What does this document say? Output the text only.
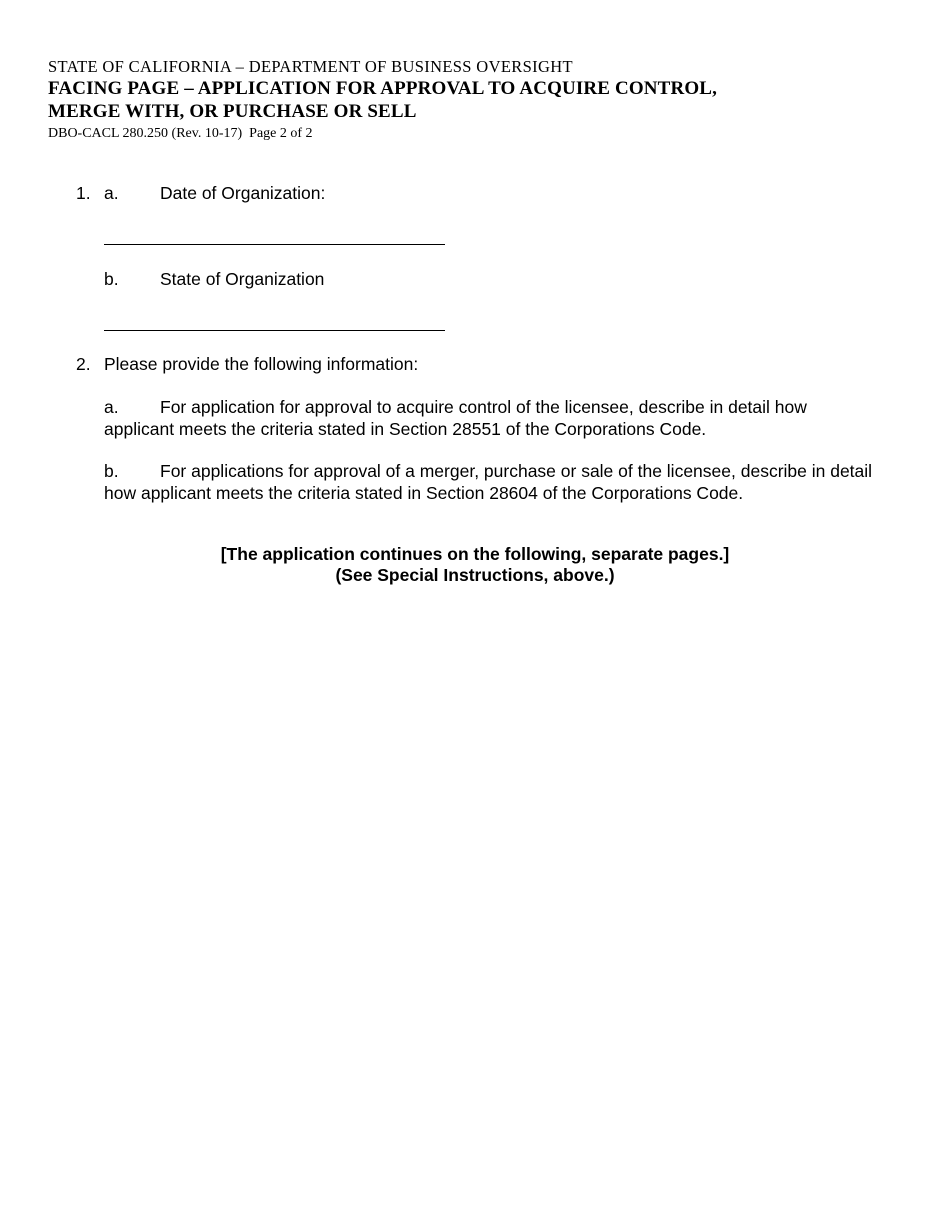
STATE OF CALIFORNIA – DEPARTMENT OF BUSINESS OVERSIGHT
FACING PAGE – APPLICATION FOR APPROVAL TO ACQUIRE CONTROL,
MERGE WITH, OR PURCHASE OR SELL
DBO-CACL 280.250 (Rev. 10-17)  Page 2 of 2
1. a. Date of Organization:
b. State of Organization
2. Please provide the following information:
a. For application for approval to acquire control of the licensee, describe in detail how applicant meets the criteria stated in Section 28551 of the Corporations Code.
b. For applications for approval of a merger, purchase or sale of the licensee, describe in detail how applicant meets the criteria stated in Section 28604 of the Corporations Code.
[The application continues on the following, separate pages.]
(See Special Instructions, above.)
